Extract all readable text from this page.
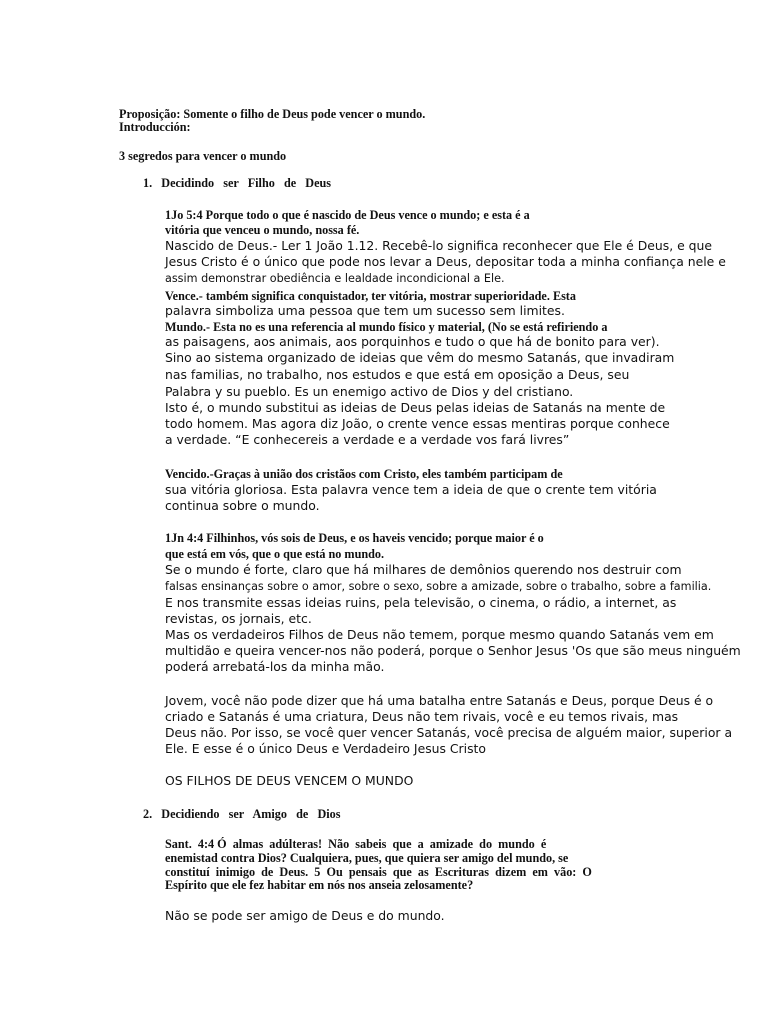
Proposição: Somente o filho de Deus pode vencer o mundo.
Introducción:
3 segredos para vencer o mundo
1.   Decidindo   ser   Filho   de   Deus
1Jo 5:4 Porque todo o que é nascido de Deus vence o mundo; e esta é a
vitória que venceu o mundo, nossa fé.
Nascido de Deus.- Ler 1 João 1.12. Recebê-lo significa reconhecer que Ele é Deus, e que
Jesus Cristo é o único que pode nos levar a Deus, depositar toda a minha confiança nele e
assim demonstrar obediência e lealdade incondicional a Ele.
Vence.- também significa conquistador, ter vitória, mostrar superioridade. Esta
palavra simboliza uma pessoa que tem um sucesso sem limites.
Mundo.- Esta no es una referencia al mundo físico y material, (No se está refiriendo a
as paisagens, aos animais, aos porquinhos e tudo o que há de bonito para ver).
Sino ao sistema organizado de ideias que vêm do mesmo Satanás, que invadiram
nas familias, no trabalho, nos estudos e que está em oposição a Deus, seu
Palabra y su pueblo. Es un enemigo activo de Dios y del cristiano.
Isto é, o mundo substitui as ideias de Deus pelas ideias de Satanás na mente de
todo homem. Mas agora diz João, o crente vence essas mentiras porque conhece
a verdade. “E conhecereis a verdade e a verdade vos fará livres”
Vencido.-Graças à união dos cristãos com Cristo, eles também participam de
sua vitória gloriosa. Esta palavra vence tem a ideia de que o crente tem vitória
continua sobre o mundo.
1Jn 4:4 Filhinhos, vós sois de Deus, e os haveis vencido; porque maior é o
que está em vós, que o que está no mundo.
Se o mundo é forte, claro que há milhares de demônios querendo nos destruir com
falsas ensinanças sobre o amor, sobre o sexo, sobre a amizade, sobre o trabalho, sobre a familia.
E nos transmite essas ideias ruins, pela televisão, o cinema, o rádio, a internet, as
revistas, os jornais, etc.
Mas os verdadeiros Filhos de Deus não temem, porque mesmo quando Satanás vem em
multidão e queira vencer-nos não poderá, porque o Senhor Jesus 'Os que são meus ninguém
poderá arrebatá-los da minha mão.
Jovem, você não pode dizer que há uma batalha entre Satanás e Deus, porque Deus é o
criado e Satanás é uma criatura, Deus não tem rivais, você e eu temos rivais, mas
Deus não. Por isso, se você quer vencer Satanás, você precisa de alguém maior, superior a
Ele. E esse é o único Deus e Verdadeiro Jesus Cristo
OS FILHOS DE DEUS VENCEM O MUNDO
2.   Decidiendo   ser   Amigo   de   Dios
Sant.  4:4 Ó  almas  adúlteras!  Não  sabeis  que  a  amizade  do  mundo  é
enemistad contra Dios? Cualquiera, pues, que quiera ser amigo del mundo, se
constituí  inimigo  de  Deus.  5  Ou  pensais  que  as  Escrituras  dizem  em  vão:  O
Espírito que ele fez habitar em nós nos anseia zelosamente?
Não se pode ser amigo de Deus e do mundo.
